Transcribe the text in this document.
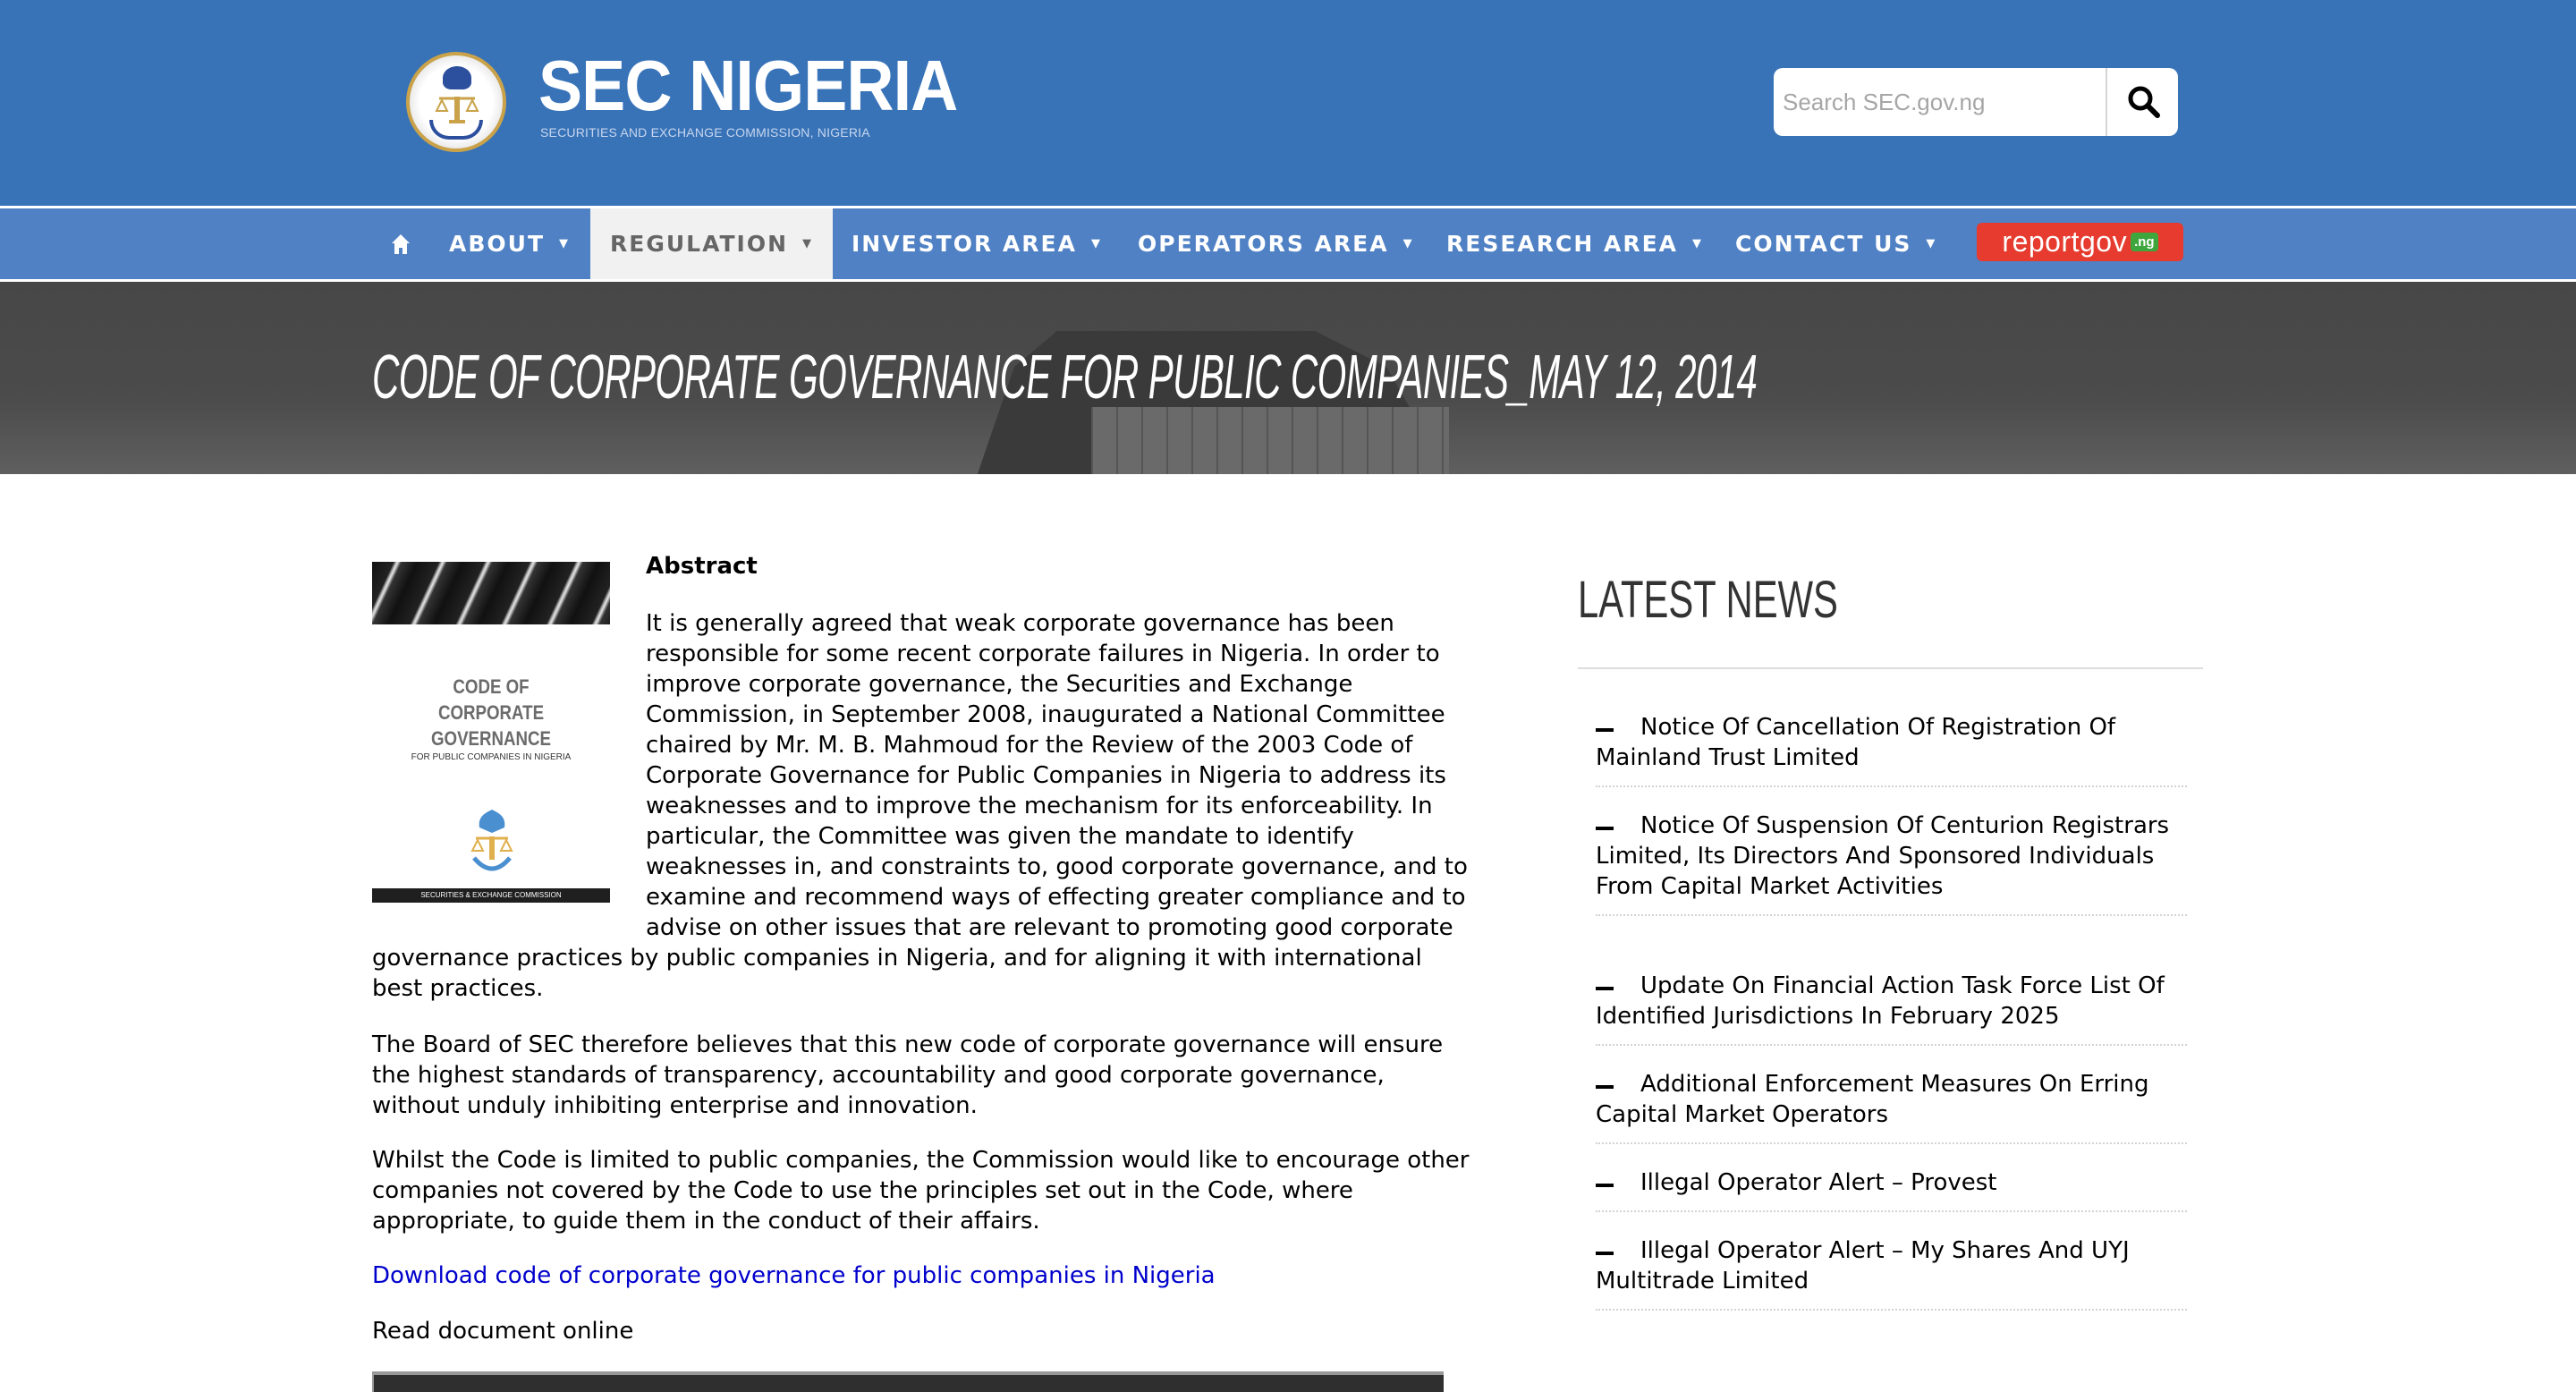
SEC NIGERIA
SECURITIES AND EXCHANGE COMMISSION, NIGERIA
Search SEC.gov.ng
ABOUT ▼ REGULATION ▼ INVESTOR AREA ▼ OPERATORS AREA ▼ RESEARCH AREA ▼ CONTACT US ▼ reportgov .ng
CODE OF CORPORATE GOVERNANCE FOR PUBLIC COMPANIES_MAY 12, 2014
CODE OF
CORPORATE
GOVERNANCE
FOR PUBLIC COMPANIES IN NIGERIA
SECURITIES & EXCHANGE COMMISSION
Abstract
It is generally agreed that weak corporate governance has been responsible for some recent corporate failures in Nigeria. In order to improve corporate governance, the Securities and Exchange Commission, in September 2008, inaugurated a National Committee chaired by Mr. M. B. Mahmoud for the Review of the 2003 Code of Corporate Governance for Public Companies in Nigeria to address its weaknesses and to improve the mechanism for its enforceability. In particular, the Committee was given the mandate to identify weaknesses in, and constraints to, good corporate governance, and to examine and recommend ways of effecting greater compliance and to advise on other issues that are relevant to promoting good corporate governance practices by public companies in Nigeria, and for aligning it with international best practices.

The Board of SEC therefore believes that this new code of corporate governance will ensure the highest standards of transparency, accountability and good corporate governance, without unduly inhibiting enterprise and innovation.

Whilst the Code is limited to public companies, the Commission would like to encourage other companies not covered by the Code to use the principles set out in the Code, where appropriate, to guide them in the conduct of their affairs.

Download code of corporate governance for public companies in Nigeria
Read document online
LATEST NEWS
Notice Of Cancellation Of Registration Of Mainland Trust Limited
Notice Of Suspension Of Centurion Registrars Limited, Its Directors And Sponsored Individuals From Capital Market Activities
Update On Financial Action Task Force List Of Identified Jurisdictions In February 2025
Additional Enforcement Measures On Erring Capital Market Operators
Illegal Operator Alert – Provest
Illegal Operator Alert – My Shares And UYJ Multitrade Limited
